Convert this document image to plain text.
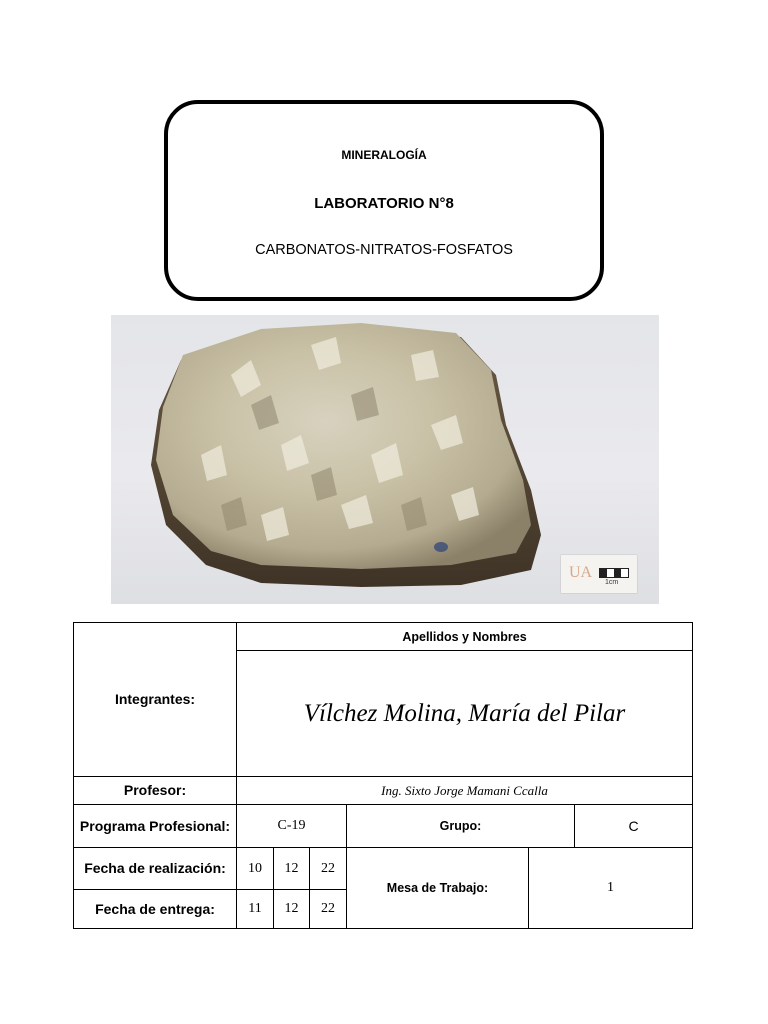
MINERALOGÍA
LABORATORIO N°8
CARBONATOS-NITRATOS-FOSFATOS
UA
1cm
Integrantes:	Apellidos y Nombres					
	Vílchez Molina, María del Pilar					
Profesor:	Ing. Sixto Jorge Mamani Ccalla					
Programa Profesional:	C-19			Grupo:		C
Fecha de realización:	10	12	22	Mesa de Trabajo:	1	
Fecha de entrega:	11	12	22			
